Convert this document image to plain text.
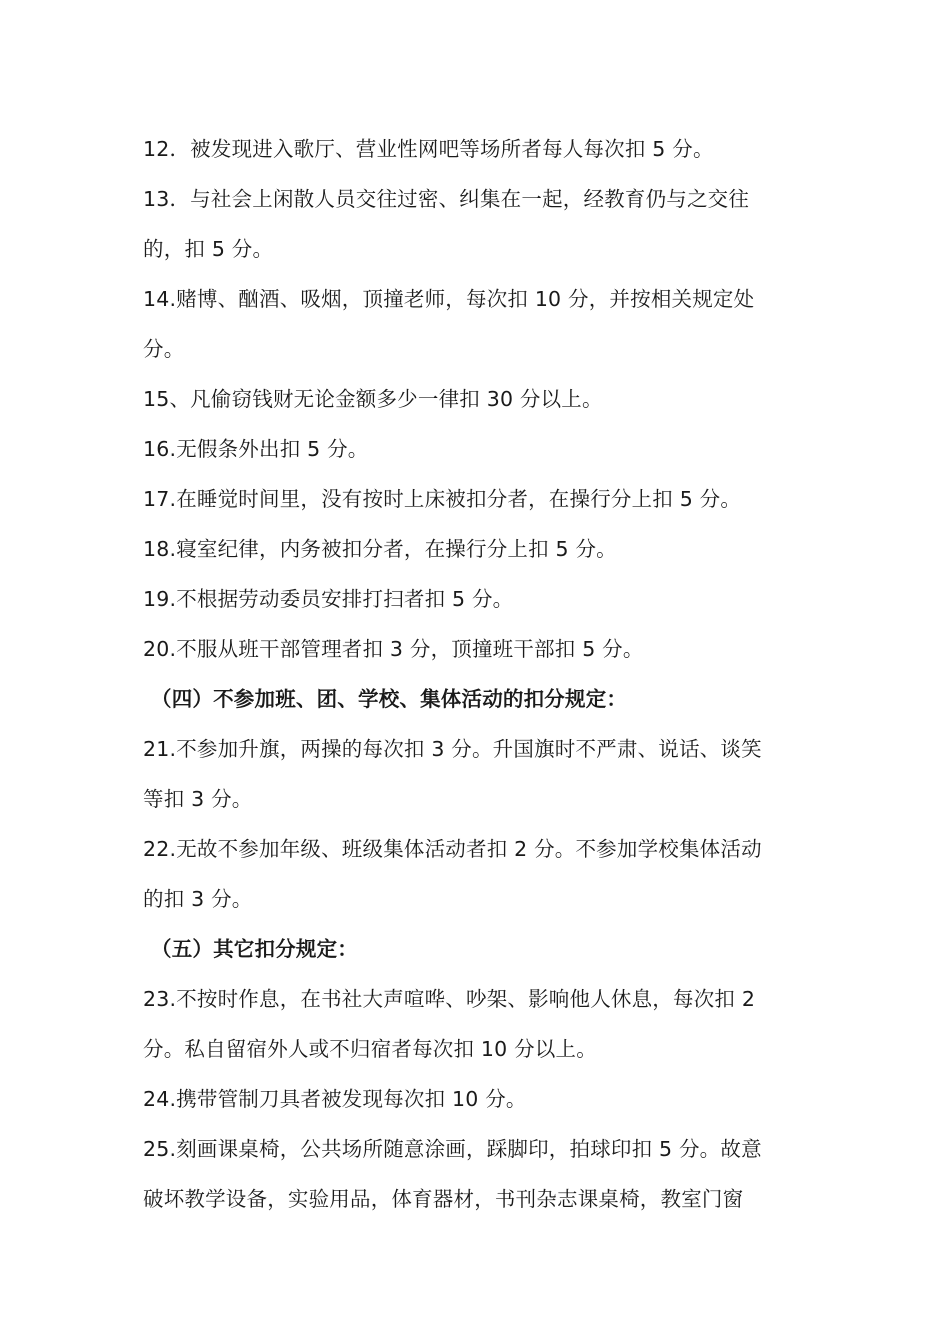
12．被发现进入歌厅、营业性网吧等场所者每人每次扣 5 分。
13．与社会上闲散人员交往过密、纠集在一起，经教育仍与之交往
的，扣 5 分。
14.赌博、酗酒、吸烟，顶撞老师，每次扣 10 分，并按相关规定处
分。
15、凡偷窃钱财无论金额多少一律扣 30 分以上。
16.无假条外出扣 5 分。
17.在睡觉时间里，没有按时上床被扣分者，在操行分上扣 5 分。
18.寝室纪律，内务被扣分者，在操行分上扣 5 分。
19.不根据劳动委员安排打扫者扣 5 分。
20.不服从班干部管理者扣 3 分，顶撞班干部扣 5 分。
（四）不参加班、团、学校、集体活动的扣分规定：
21.不参加升旗，两操的每次扣 3 分。升国旗时不严肃、说话、谈笑
等扣 3 分。
22.无故不参加年级、班级集体活动者扣 2 分。不参加学校集体活动
的扣 3 分。
（五）其它扣分规定：
23.不按时作息，在书社大声喧哗、吵架、影响他人休息，每次扣 2
分。私自留宿外人或不归宿者每次扣 10 分以上。
24.携带管制刀具者被发现每次扣 10 分。
25.刻画课桌椅，公共场所随意涂画，踩脚印，拍球印扣 5 分。故意
破坏教学设备，实验用品，体育器材，书刊杂志课桌椅，教室门窗
